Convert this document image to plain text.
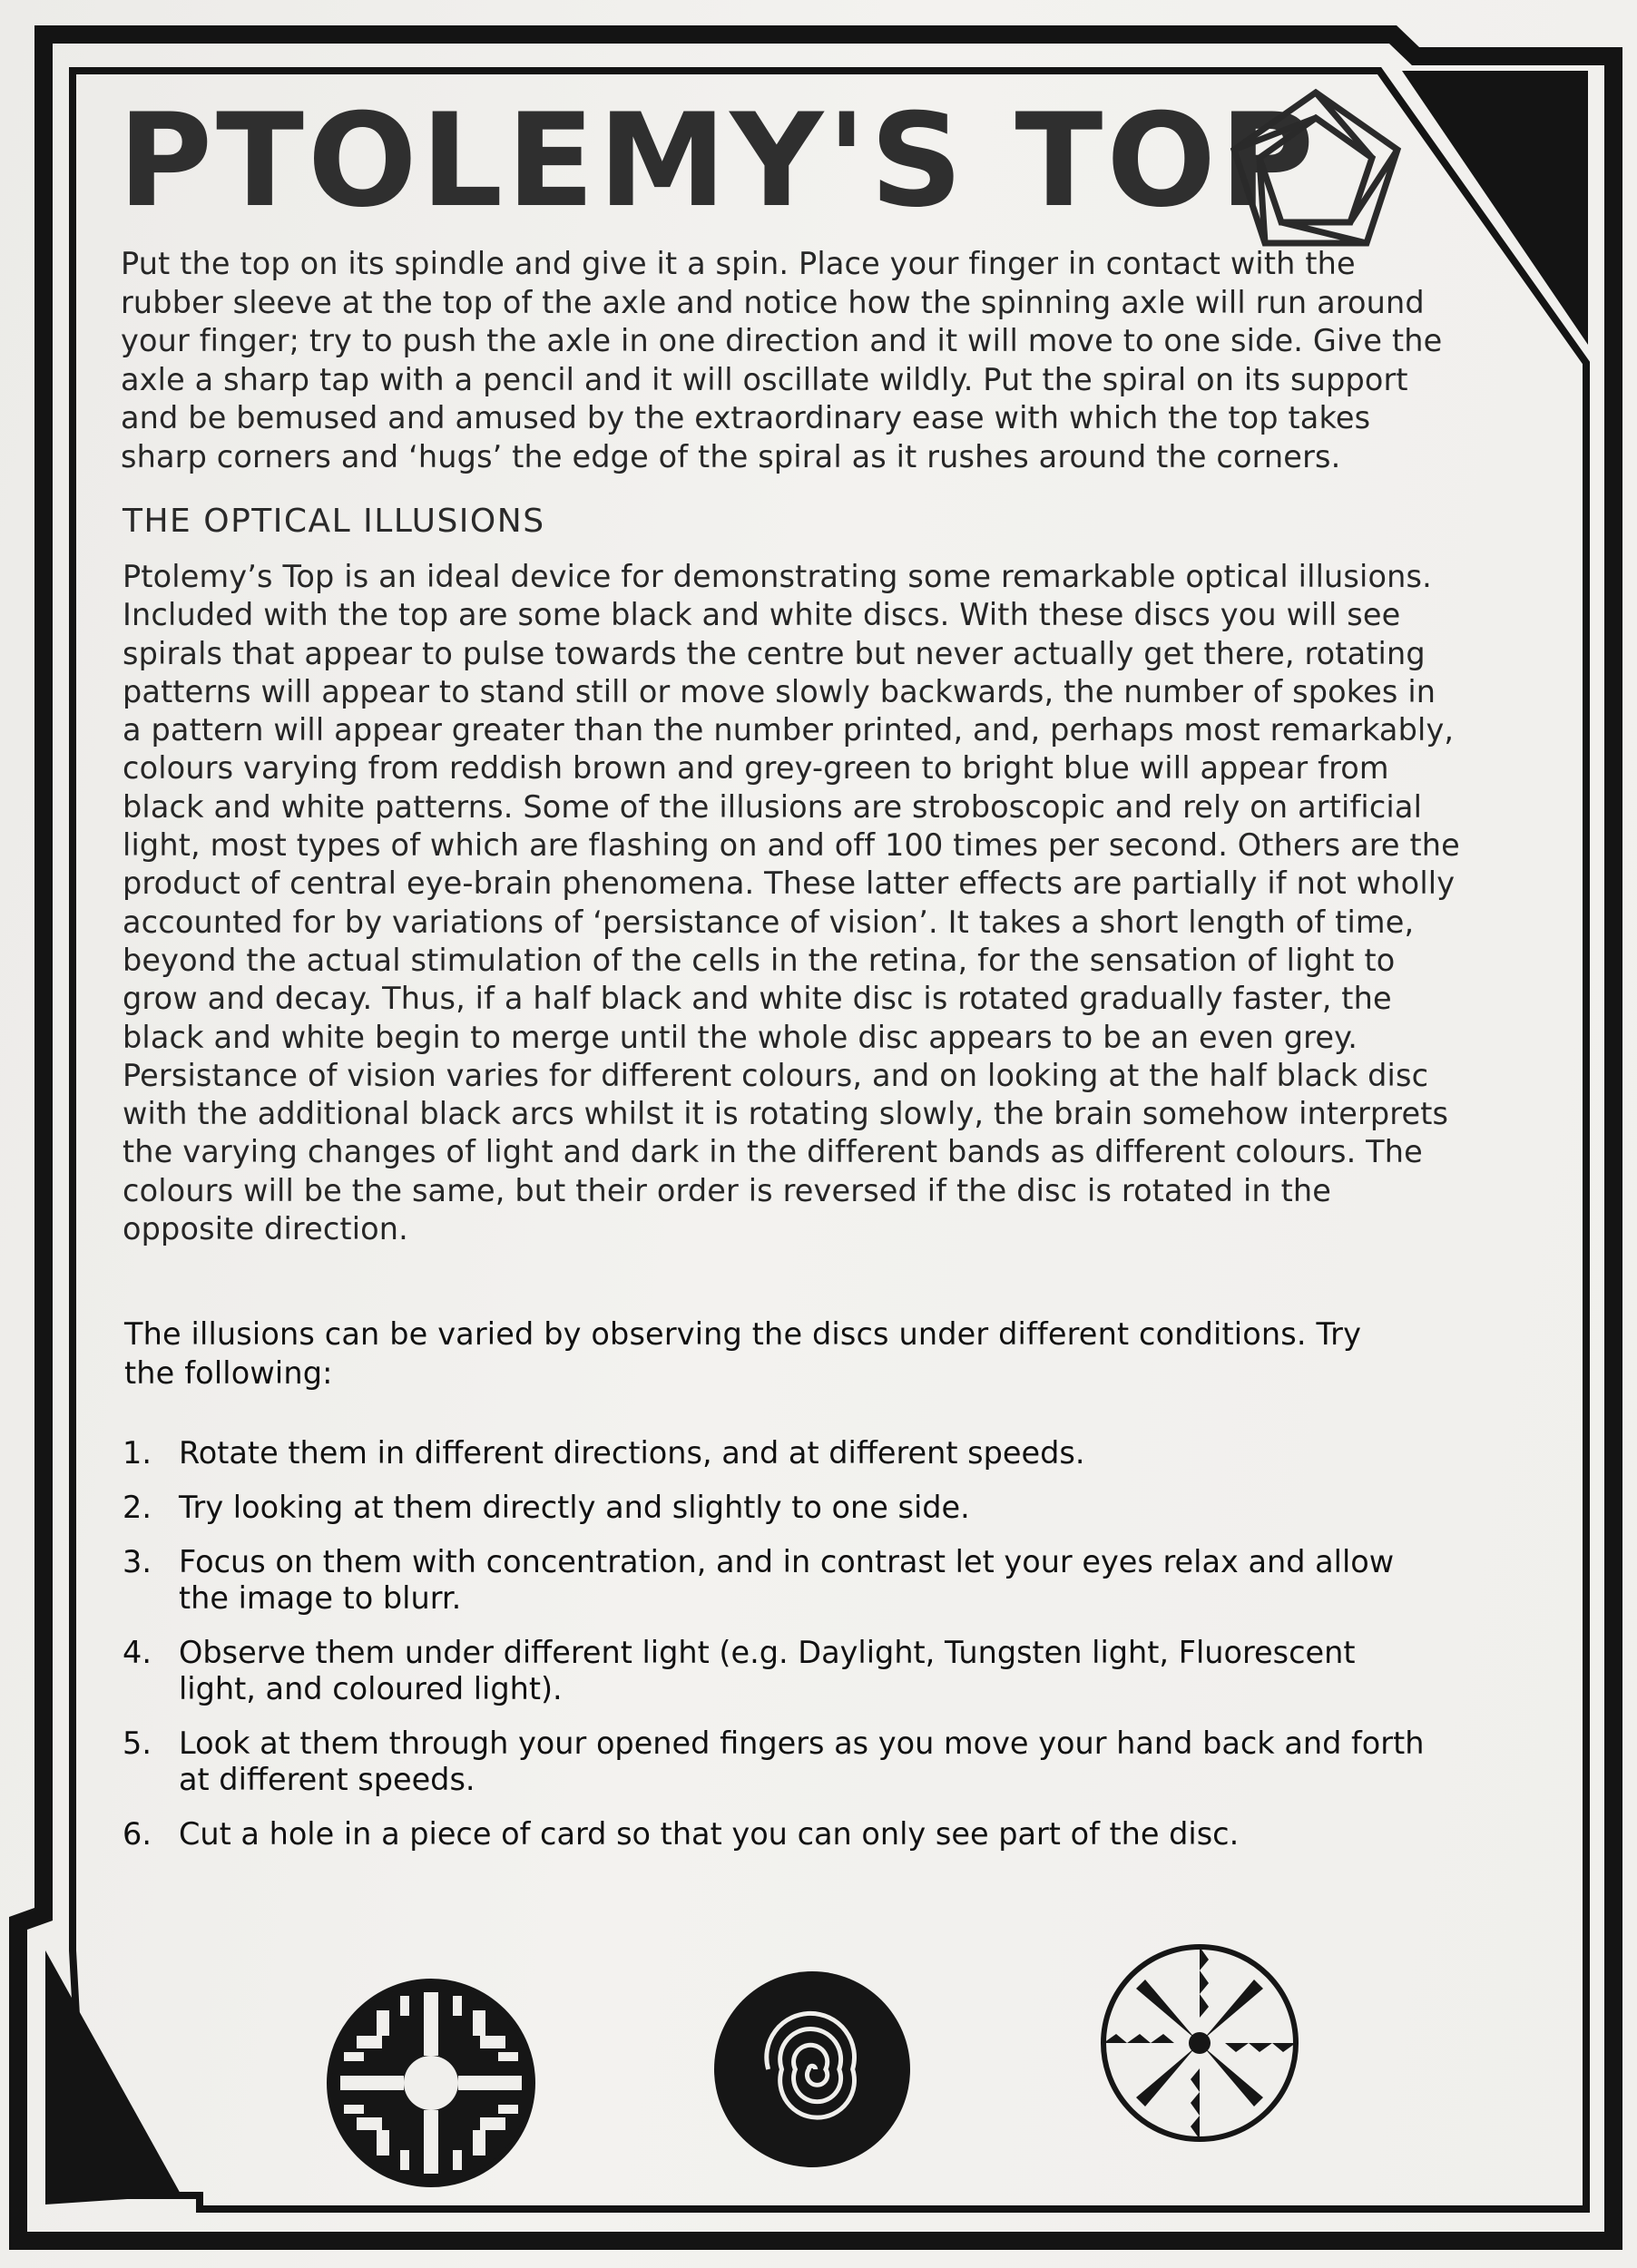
PTOLEMY'S TOP

Put the top on its spindle and give it a spin. Place your finger in contact with the rubber sleeve at the top of the axle and notice how the spinning axle will run around your finger; try to push the axle in one direction and it will move to one side. Give the axle a sharp tap with a pencil and it will oscillate wildly. Put the spiral on its support and be bemused and amused by the extraordinary ease with which the top takes sharp corners and ‘hugs’ the edge of the spiral as it rushes around the corners.

THE OPTICAL ILLUSIONS

Ptolemy’s Top is an ideal device for demonstrating some remarkable optical illusions. Included with the top are some black and white discs. With these discs you will see spirals that appear to pulse towards the centre but never actually get there, rotating patterns will appear to stand still or move slowly backwards, the number of spokes in a pattern will appear greater than the number printed, and, perhaps most remarkably, colours varying from reddish brown and grey-green to bright blue will appear from black and white patterns. Some of the illusions are stroboscopic and rely on artificial light, most types of which are flashing on and off 100 times per second. Others are the product of central eye-brain phenomena. These latter effects are partially if not wholly accounted for by variations of ‘persistance of vision’. It takes a short length of time, beyond the actual stimulation of the cells in the retina, for the sensation of light to grow and decay. Thus, if a half black and white disc is rotated gradually faster, the black and white begin to merge until the whole disc appears to be an even grey. Persistance of vision varies for different colours, and on looking at the half black disc with the additional black arcs whilst it is rotating slowly, the brain somehow interprets the varying changes of light and dark in the different bands as different colours. The colours will be the same, but their order is reversed if the disc is rotated in the opposite direction.

The illusions can be varied by observing the discs under different conditions. Try the following:

1. Rotate them in different directions, and at different speeds.
2. Try looking at them directly and slightly to one side.
3. Focus on them with concentration, and in contrast let your eyes relax and allow the image to blurr.
4. Observe them under different light (e.g. Daylight, Tungsten light, Fluorescent light, and coloured light).
5. Look at them through your opened fingers as you move your hand back and forth at different speeds.
6. Cut a hole in a piece of card so that you can only see part of the disc.
